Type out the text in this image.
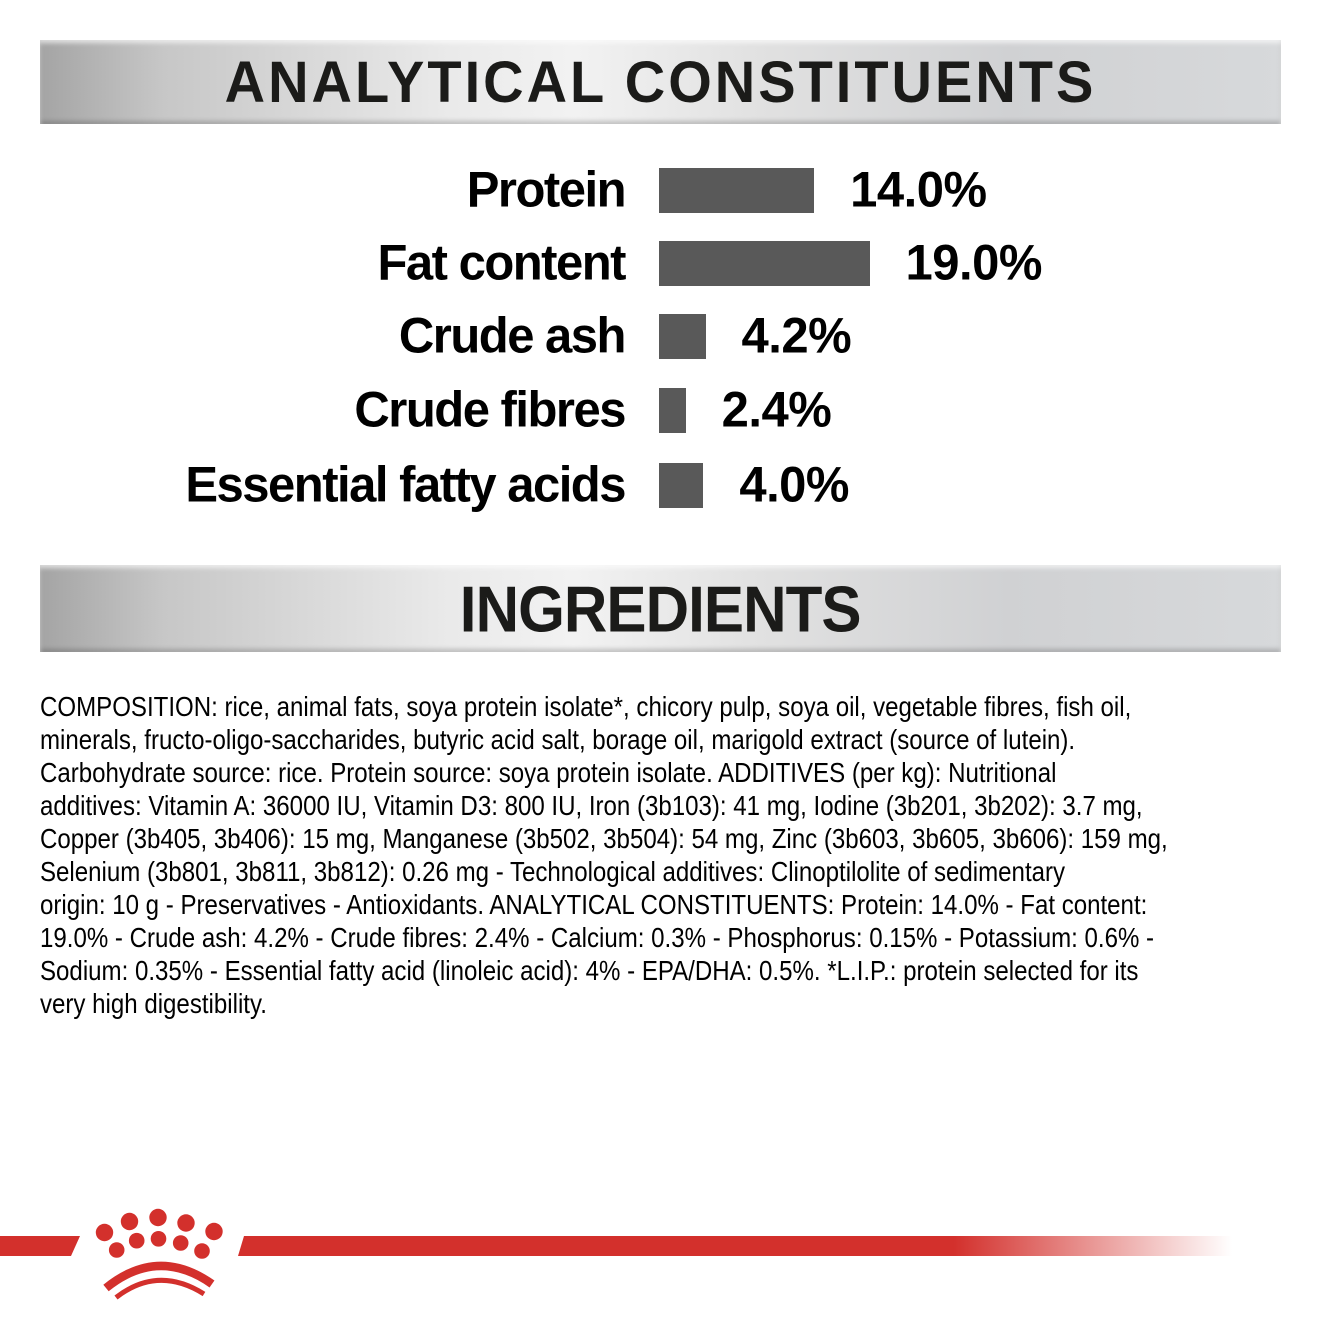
ANALYTICAL CONSTITUENTS
Protein	14.0%
Fat content	19.0%
Crude ash 4.2%
Crude fibres 2.4%
Essential fatty acids 4.0%
INGREDIENTS
COMPOSITION: rice, animal fats, soya protein isolate*, chicory pulp, soya oil, vegetable fibres, fish oil,
minerals, fructo-oligo-saccharides, butyric acid salt, borage oil, marigold extract (source of lutein).
Carbohydrate source: rice. Protein source: soya protein isolate. ADDITIVES (per kg): Nutritional
additives: Vitamin A: 36000 IU, Vitamin D3: 800 IU, Iron (3b103): 41 mg, Iodine (3b201, 3b202): 3.7 mg,
Copper (3b405, 3b406): 15 mg, Manganese (3b502, 3b504): 54 mg, Zinc (3b603, 3b605, 3b606): 159 mg,
Selenium (3b801, 3b811, 3b812): 0.26 mg - Technological additives: Clinoptilolite of sedimentary
origin: 10 g - Preservatives - Antioxidants. ANALYTICAL CONSTITUENTS: Protein: 14.0% - Fat content:
19.0% - Crude ash: 4.2% - Crude fibres: 2.4% - Calcium: 0.3% - Phosphorus: 0.15% - Potassium: 0.6% -
Sodium: 0.35% - Essential fatty acid (linoleic acid): 4% - EPA/DHA: 0.5%. *L.I.P.: protein selected for its
very high digestibility.
